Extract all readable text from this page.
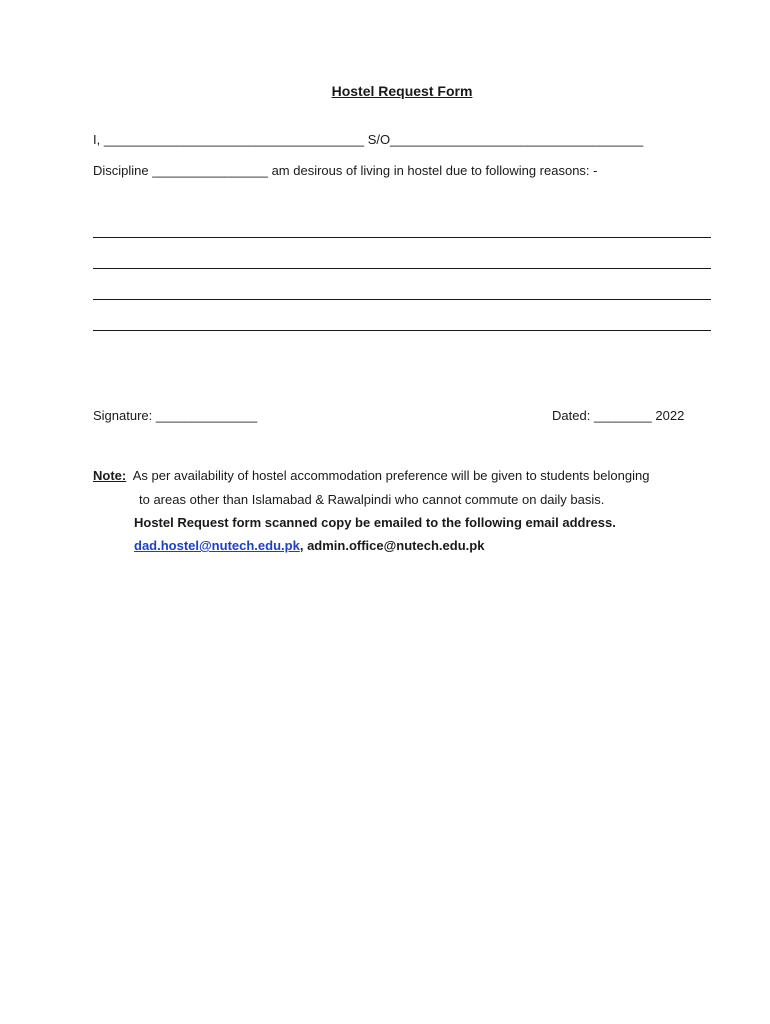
Hostel Request Form
I, ____________________________________ S/O___________________________________
Discipline ________________ am desirous of living in hostel due to following reasons: -
Signature: ______________	Dated: ________ 2022
Note: As per availability of hostel accommodation preference will be given to students belonging
to areas other than Islamabad & Rawalpindi who cannot commute on daily basis.
Hostel Request form scanned copy be emailed to the following email address.
dad.hostel@nutech.edu.pk, admin.office@nutech.edu.pk
